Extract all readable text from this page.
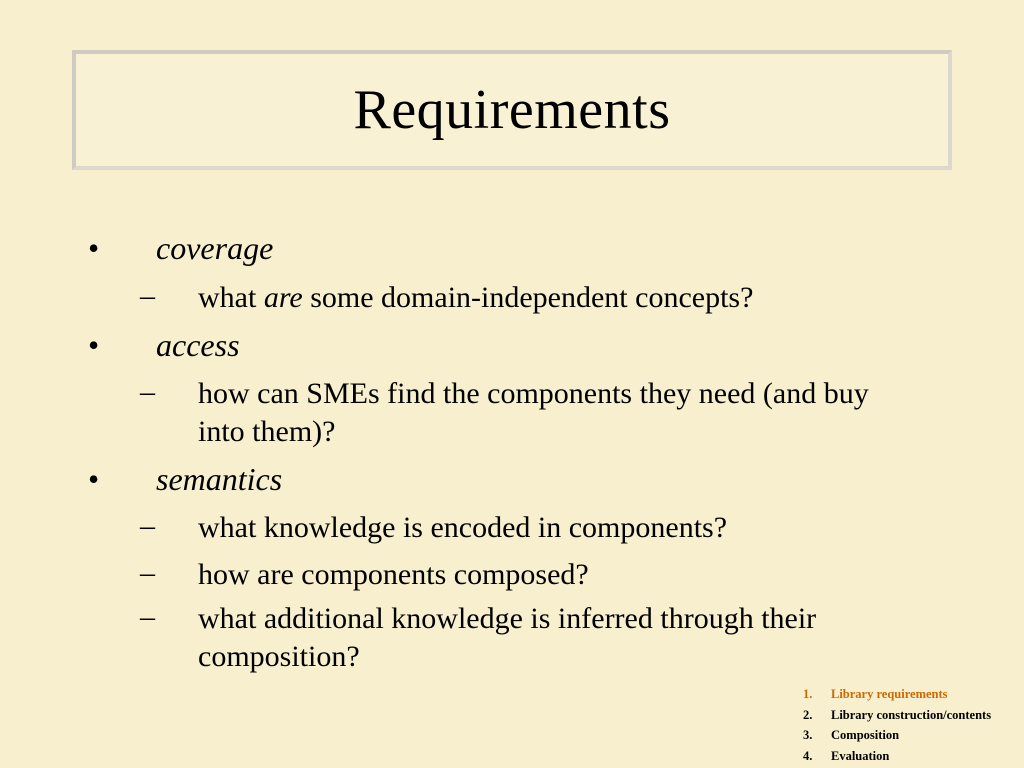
Requirements
• coverage
– what are some domain-independent concepts?
• access
– how can SMEs find the components they need (and buy into them)?
• semantics
– what knowledge is encoded in components?
– how are components composed?
– what additional knowledge is inferred through their composition?
1.	Library requirements
2.	Library construction/contents
3.	Composition
4.	Evaluation
